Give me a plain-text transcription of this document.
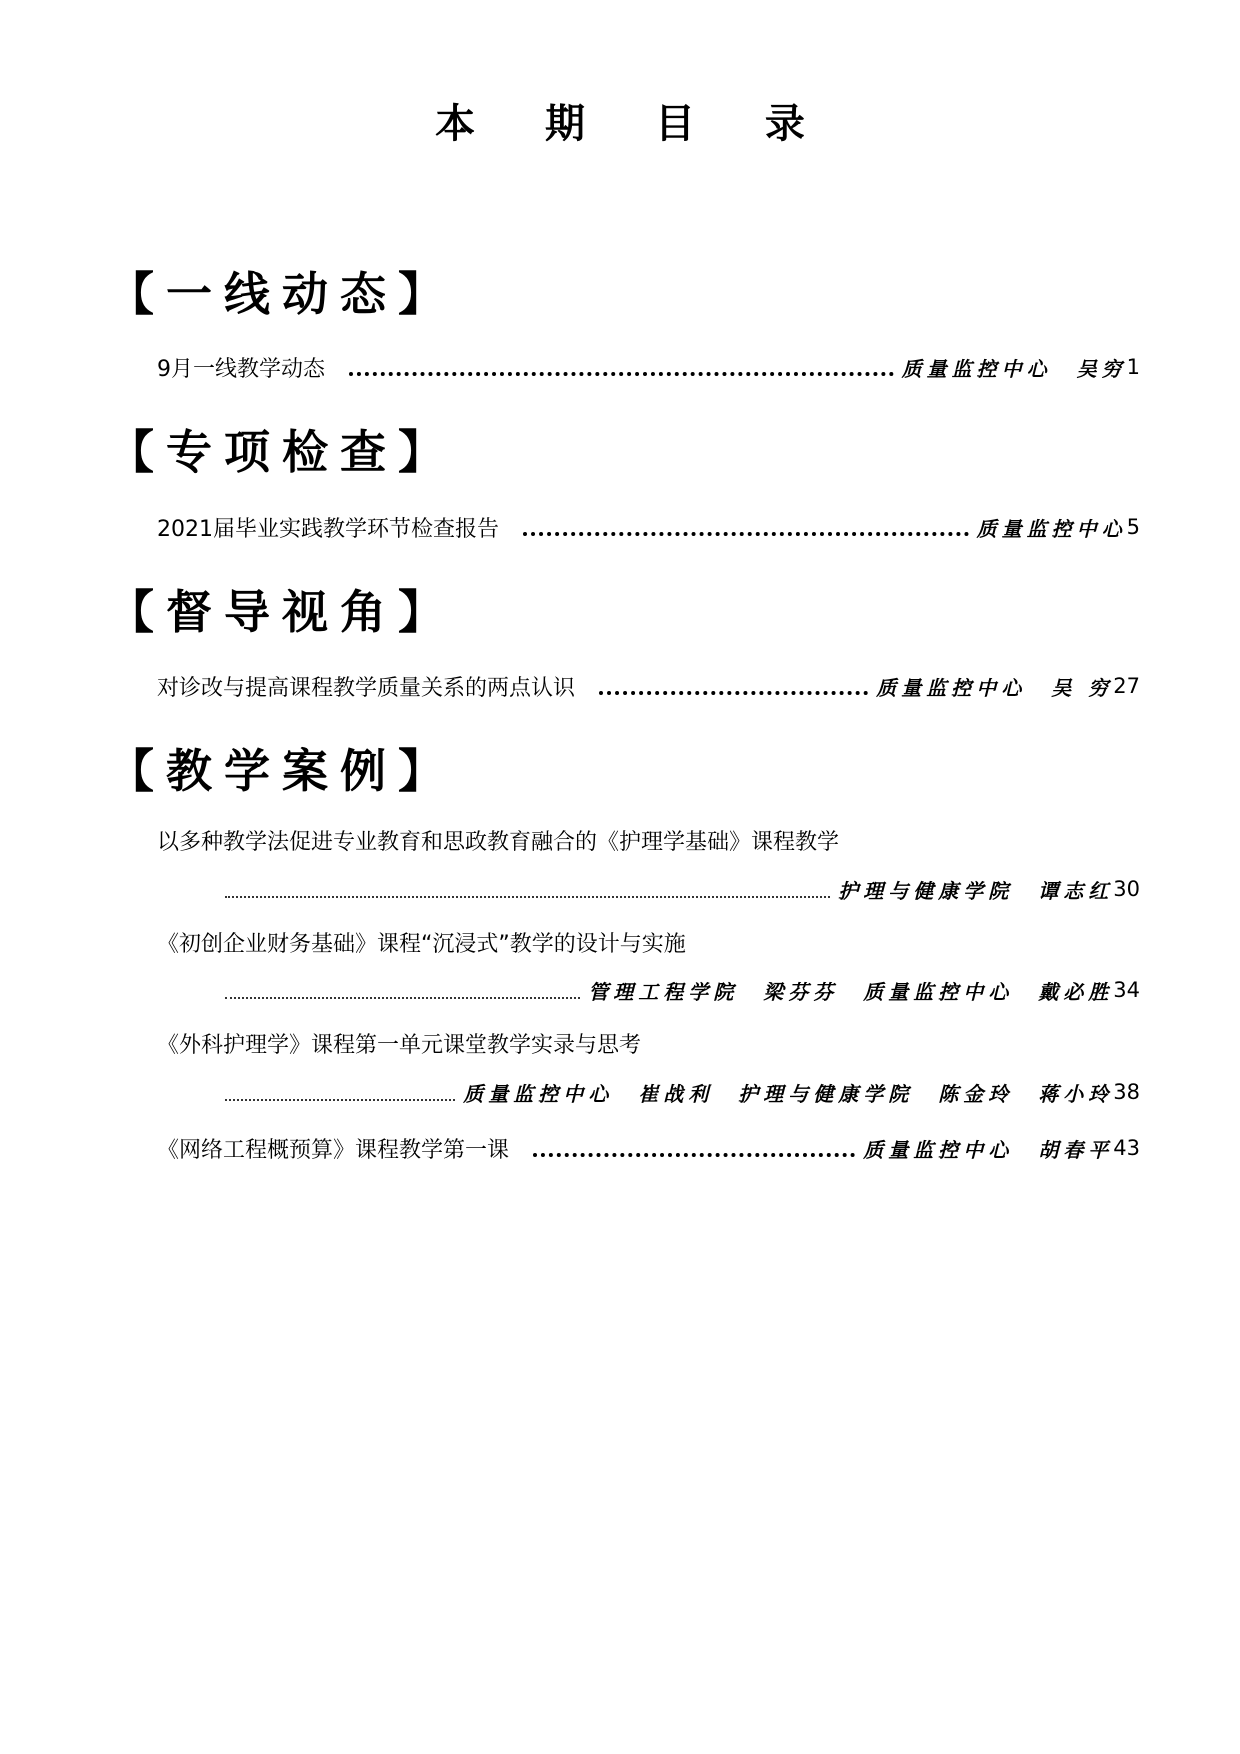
本 期 目 录
【一线动态】
9月一线教学动态	质量监控中心　吴穷 1
【专项检查】
2021届毕业实践教学环节检查报告	质量监控中心 5
【督导视角】
对诊改与提高课程教学质量关系的两点认识	质量监控中心　吴 穷 27
【教学案例】
以多种教学法促进专业教育和思政教育融合的《护理学基础》课程教学
护理与健康学院　谭志红 30
《初创企业财务基础》课程“沉浸式”教学的设计与实施
管理工程学院　梁芬芬　质量监控中心　戴必胜 34
《外科护理学》课程第一单元课堂教学实录与思考
质量监控中心　崔战利　护理与健康学院　陈金玲　蒋小玲 38
《网络工程概预算》课程教学第一课	质量监控中心　胡春平 43
